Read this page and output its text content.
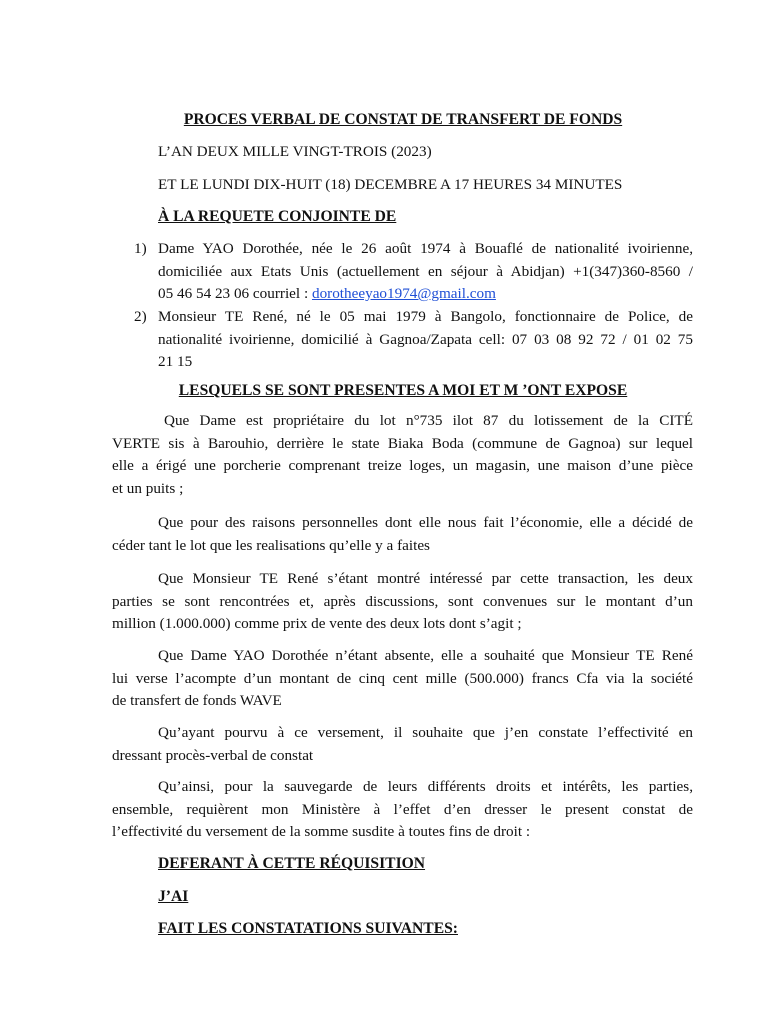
PROCES VERBAL DE CONSTAT DE TRANSFERT DE FONDS
L’AN DEUX MILLE VINGT-TROIS (2023)
ET LE LUNDI DIX-HUIT (18) DECEMBRE A 17 HEURES 34 MINUTES
À LA REQUETE CONJOINTE DE
1) Dame YAO Dorothée, née le 26 août 1974 à Bouaflé de nationalité ivoirienne,
domiciliée aux Etats Unis (actuellement en séjour à Abidjan) +1(347)360-8560 /
05 46 54 23 06 courriel : dorotheeyao1974@gmail.com
2) Monsieur TE René, né le 05 mai 1979 à Bangolo, fonctionnaire de Police, de
nationalité ivoirienne, domicilié à Gagnoa/Zapata cell: 07 03 08 92 72 / 01 02 75
21 15
LESQUELS SE SONT PRESENTES A MOI ET M ’ONT EXPOSE
Que Dame est propriétaire du lot n°735 ilot 87 du lotissement de la CITÉ
VERTE sis à Barouhio, derrière le state Biaka Boda (commune de Gagnoa) sur lequel
elle a érigé une porcherie comprenant treize loges, un magasin, une maison d’une pièce
et un puits ;
Que pour des raisons personnelles dont elle nous fait l’économie, elle a décidé de
céder tant le lot que les realisations qu’elle y a faites
Que Monsieur TE René s’étant montré intéressé par cette transaction, les deux
parties se sont rencontrées et, après discussions, sont convenues sur le montant d’un
million (1.000.000) comme prix de vente des deux lots dont s’agit ;
Que Dame YAO Dorothée n’étant absente, elle a souhaité que Monsieur TE René
lui verse l’acompte d’un montant de cinq cent mille (500.000) francs Cfa via la société
de transfert de fonds WAVE
Qu’ayant pourvu à ce versement, il souhaite que j’en constate l’effectivité en
dressant procès-verbal de constat
Qu’ainsi, pour la sauvegarde de leurs différents droits et intérêts, les parties,
ensemble, requièrent mon Ministère à l’effet d’en dresser le present constat de
l’effectivité du versement de la somme susdite à toutes fins de droit :
DEFERANT À CETTE RÉQUISITION
J’AI
FAIT LES CONSTATATIONS SUIVANTES:
